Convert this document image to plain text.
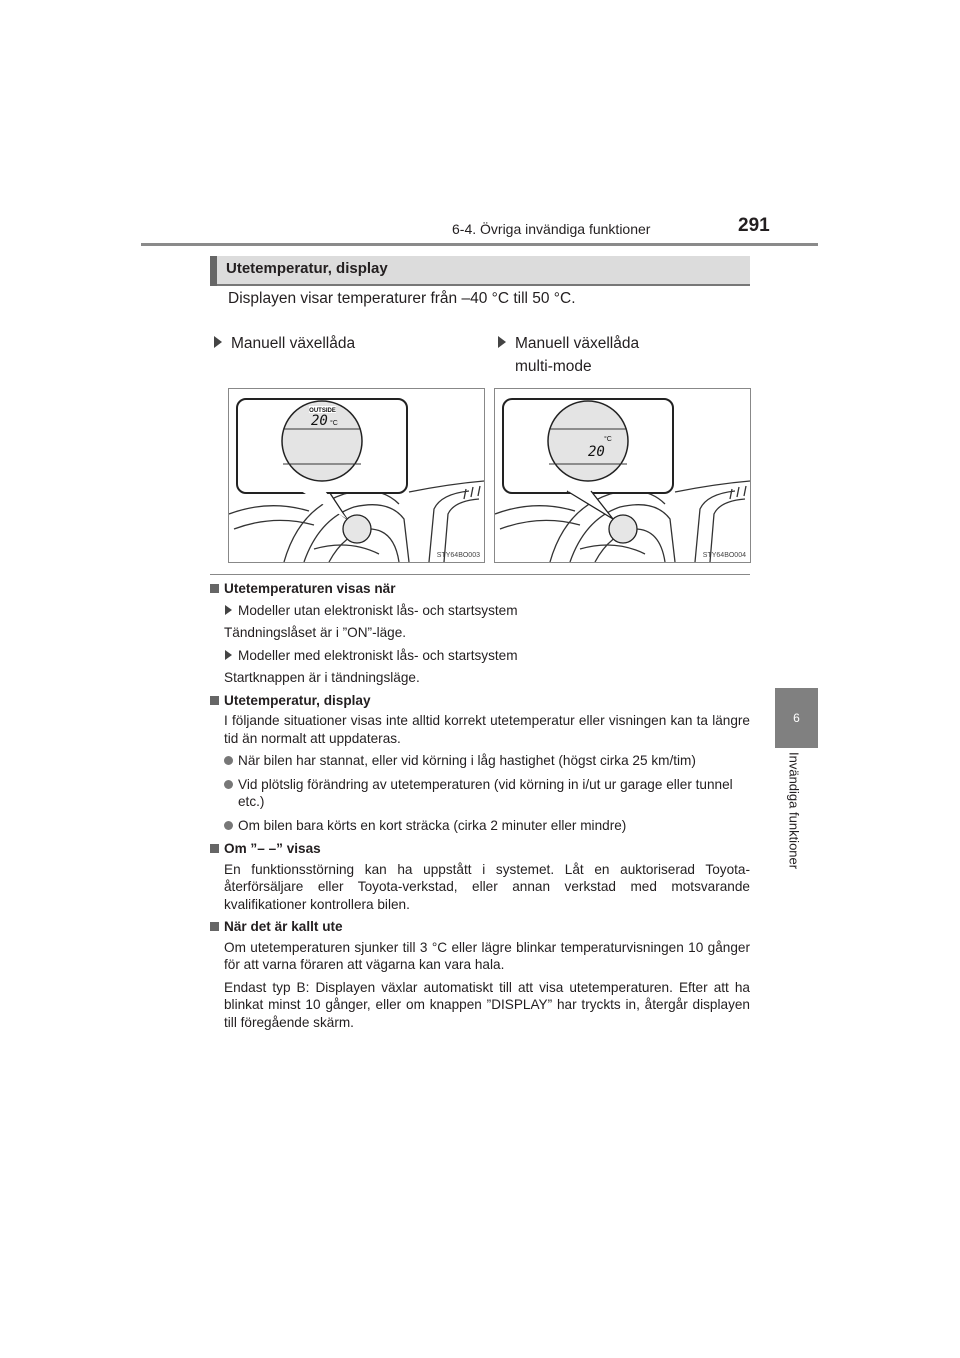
6-4. Övriga invändiga funktioner	291
6
Invändiga funktioner
Utetemperatur, display
Displayen visar temperaturer från –40 °C till 50 °C.
Manuell växellåda	Manuell växellåda
multi-mode
OUTSIDE
20 °C
STY64BO003
20
°C
STY64BO004
Utetemperaturen visas när
Modeller utan elektroniskt lås- och startsystem
Tändningslåset är i ”ON”-läge.
Modeller med elektroniskt lås- och startsystem
Startknappen är i tändningsläge.
Utetemperatur, display
I följande situationer visas inte alltid korrekt utetemperatur eller visningen kan ta längre tid än normalt att uppdateras.
När bilen har stannat, eller vid körning i låg hastighet (högst cirka 25 km/tim)
Vid plötslig förändring av utetemperaturen (vid körning in i/ut ur garage eller tunnel etc.)
Om bilen bara körts en kort sträcka (cirka 2 minuter eller mindre)
Om ”– –” visas
En funktionsstörning kan ha uppstått i systemet. Låt en auktoriserad Toyota-återförsäljare eller Toyota-verkstad, eller annan verkstad med motsvarande kvalifikationer kontrollera bilen.
När det är kallt ute
Om utetemperaturen sjunker till 3 °C eller lägre blinkar temperaturvisningen 10 gånger för att varna föraren att vägarna kan vara hala.
Endast typ B: Displayen växlar automatiskt till att visa utetemperaturen. Efter att ha blinkat minst 10 gånger, eller om knappen ”DISPLAY” har tryckts in, återgår displayen till föregående skärm.
